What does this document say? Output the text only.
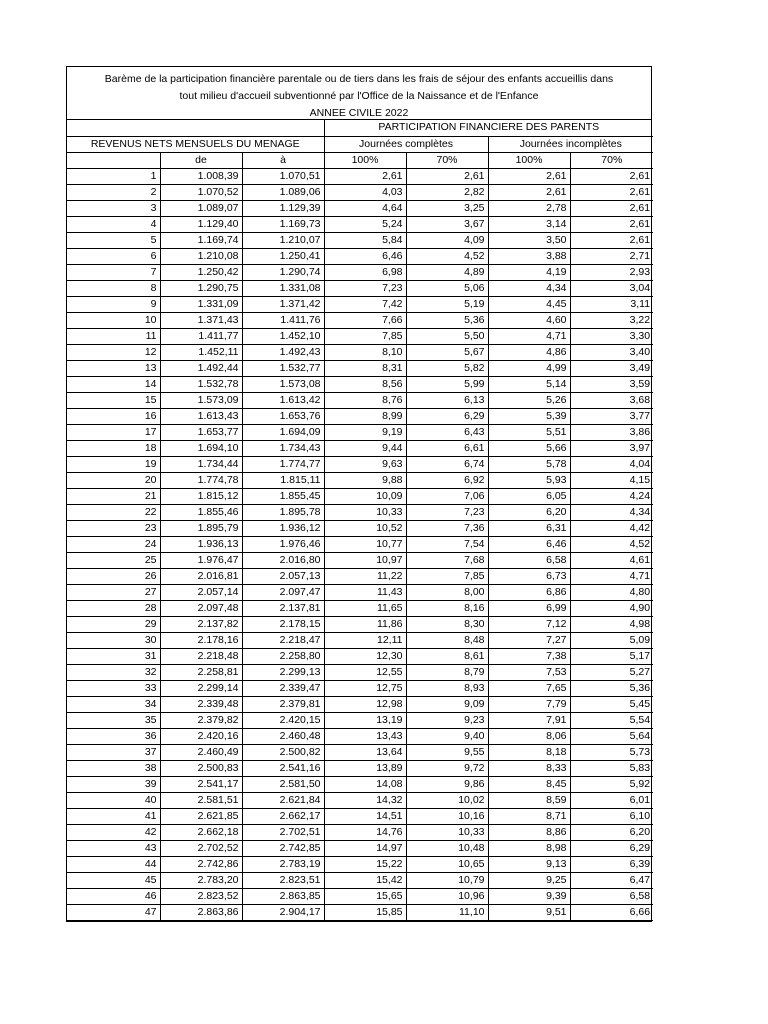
Barème de la participation financière parentale ou de tiers dans les frais de séjour des enfants accueillis dans
tout milieu d'accueil subventionné par l'Office de la Naissance et de l'Enfance
ANNEE CIVILE 2022
			PARTICIPATION FINANCIERE DES PARENTS			
REVENUS NETS MENSUELS DU MENAGE			Journées complètes		Journées incomplètes	
	de	à	100%	70%	100%	70%
1	1.008,39	1.070,51	2,61	2,61	2,61	2,61
2	1.070,52	1.089,06	4,03	2,82	2,61	2,61
3	1.089,07	1.129,39	4,64	3,25	2,78	2,61
4	1.129,40	1.169,73	5,24	3,67	3,14	2,61
5	1.169,74	1.210,07	5,84	4,09	3,50	2,61
6	1.210,08	1.250,41	6,46	4,52	3,88	2,71
7	1.250,42	1.290,74	6,98	4,89	4,19	2,93
8	1.290,75	1.331,08	7,23	5,06	4,34	3,04
9	1.331,09	1.371,42	7,42	5,19	4,45	3,11
10	1.371,43	1.411,76	7,66	5,36	4,60	3,22
11	1.411,77	1.452,10	7,85	5,50	4,71	3,30
12	1.452,11	1.492,43	8,10	5,67	4,86	3,40
13	1.492,44	1.532,77	8,31	5,82	4,99	3,49
14	1.532,78	1.573,08	8,56	5,99	5,14	3,59
15	1.573,09	1.613,42	8,76	6,13	5,26	3,68
16	1.613,43	1.653,76	8,99	6,29	5,39	3,77
17	1.653,77	1.694,09	9,19	6,43	5,51	3,86
18	1.694,10	1.734,43	9,44	6,61	5,66	3,97
19	1.734,44	1.774,77	9,63	6,74	5,78	4,04
20	1.774,78	1.815,11	9,88	6,92	5,93	4,15
21	1.815,12	1.855,45	10,09	7,06	6,05	4,24
22	1.855,46	1.895,78	10,33	7,23	6,20	4,34
23	1.895,79	1.936,12	10,52	7,36	6,31	4,42
24	1.936,13	1.976,46	10,77	7,54	6,46	4,52
25	1.976,47	2.016,80	10,97	7,68	6,58	4,61
26	2.016,81	2.057,13	11,22	7,85	6,73	4,71
27	2.057,14	2.097,47	11,43	8,00	6,86	4,80
28	2.097,48	2.137,81	11,65	8,16	6,99	4,90
29	2.137,82	2.178,15	11,86	8,30	7,12	4,98
30	2.178,16	2.218,47	12,11	8,48	7,27	5,09
31	2.218,48	2.258,80	12,30	8,61	7,38	5,17
32	2.258,81	2.299,13	12,55	8,79	7,53	5,27
33	2.299,14	2.339,47	12,75	8,93	7,65	5,36
34	2.339,48	2.379,81	12,98	9,09	7,79	5,45
35	2.379,82	2.420,15	13,19	9,23	7,91	5,54
36	2.420,16	2.460,48	13,43	9,40	8,06	5,64
37	2.460,49	2.500,82	13,64	9,55	8,18	5,73
38	2.500,83	2.541,16	13,89	9,72	8,33	5,83
39	2.541,17	2.581,50	14,08	9,86	8,45	5,92
40	2.581,51	2.621,84	14,32	10,02	8,59	6,01
41	2.621,85	2.662,17	14,51	10,16	8,71	6,10
42	2.662,18	2.702,51	14,76	10,33	8,86	6,20
43	2.702,52	2.742,85	14,97	10,48	8,98	6,29
44	2.742,86	2.783,19	15,22	10,65	9,13	6,39
45	2.783,20	2.823,51	15,42	10,79	9,25	6,47
46	2.823,52	2.863,85	15,65	10,96	9,39	6,58
47	2.863,86	2.904,17	15,85	11,10	9,51	6,66
